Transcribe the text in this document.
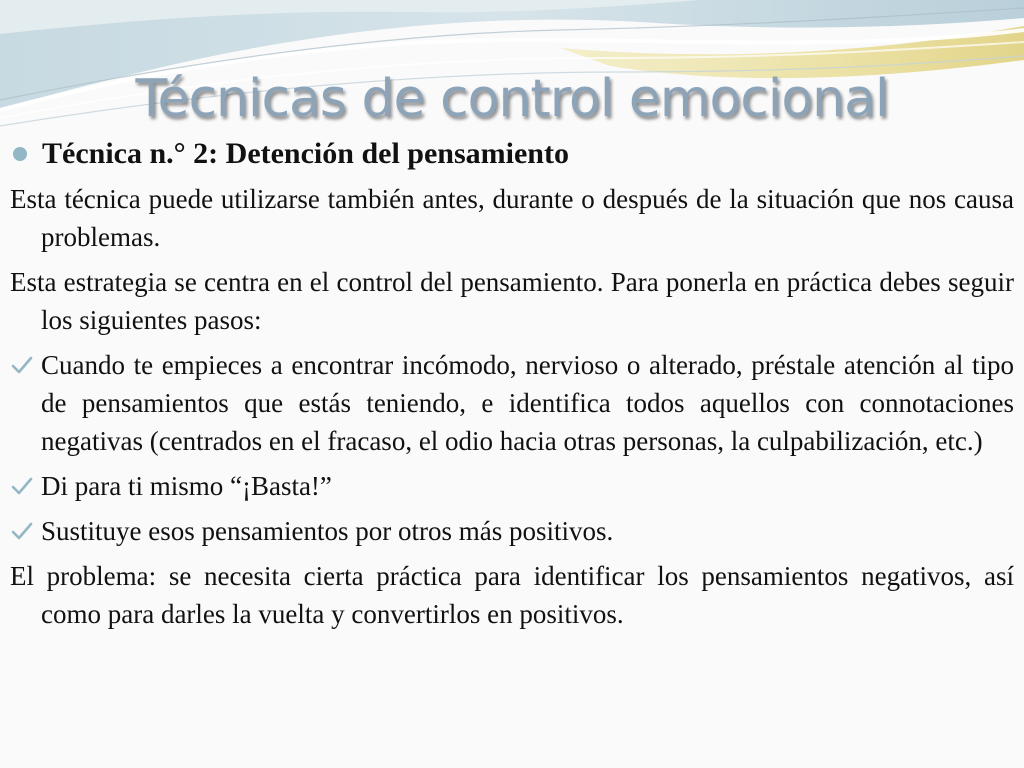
Técnicas de control emocional
Técnica n.° 2: Detención del pensamiento

Esta técnica puede utilizarse también antes, durante o después de la situación que nos causa problemas.

Esta estrategia se centra en el control del pensamiento. Para ponerla en práctica debes seguir los siguientes pasos:

Cuando te empieces a encontrar incómodo, nervioso o alterado, préstale atención al tipo de pensamientos que estás teniendo, e identifica todos aquellos con connotaciones negativas (centrados en el fracaso, el odio hacia otras personas, la culpabilización, etc.)
Di para ti mismo “¡Basta!”
Sustituye esos pensamientos por otros más positivos.

El problema: se necesita cierta práctica para identificar los pensamientos negativos, así como para darles la vuelta y convertirlos en positivos.
